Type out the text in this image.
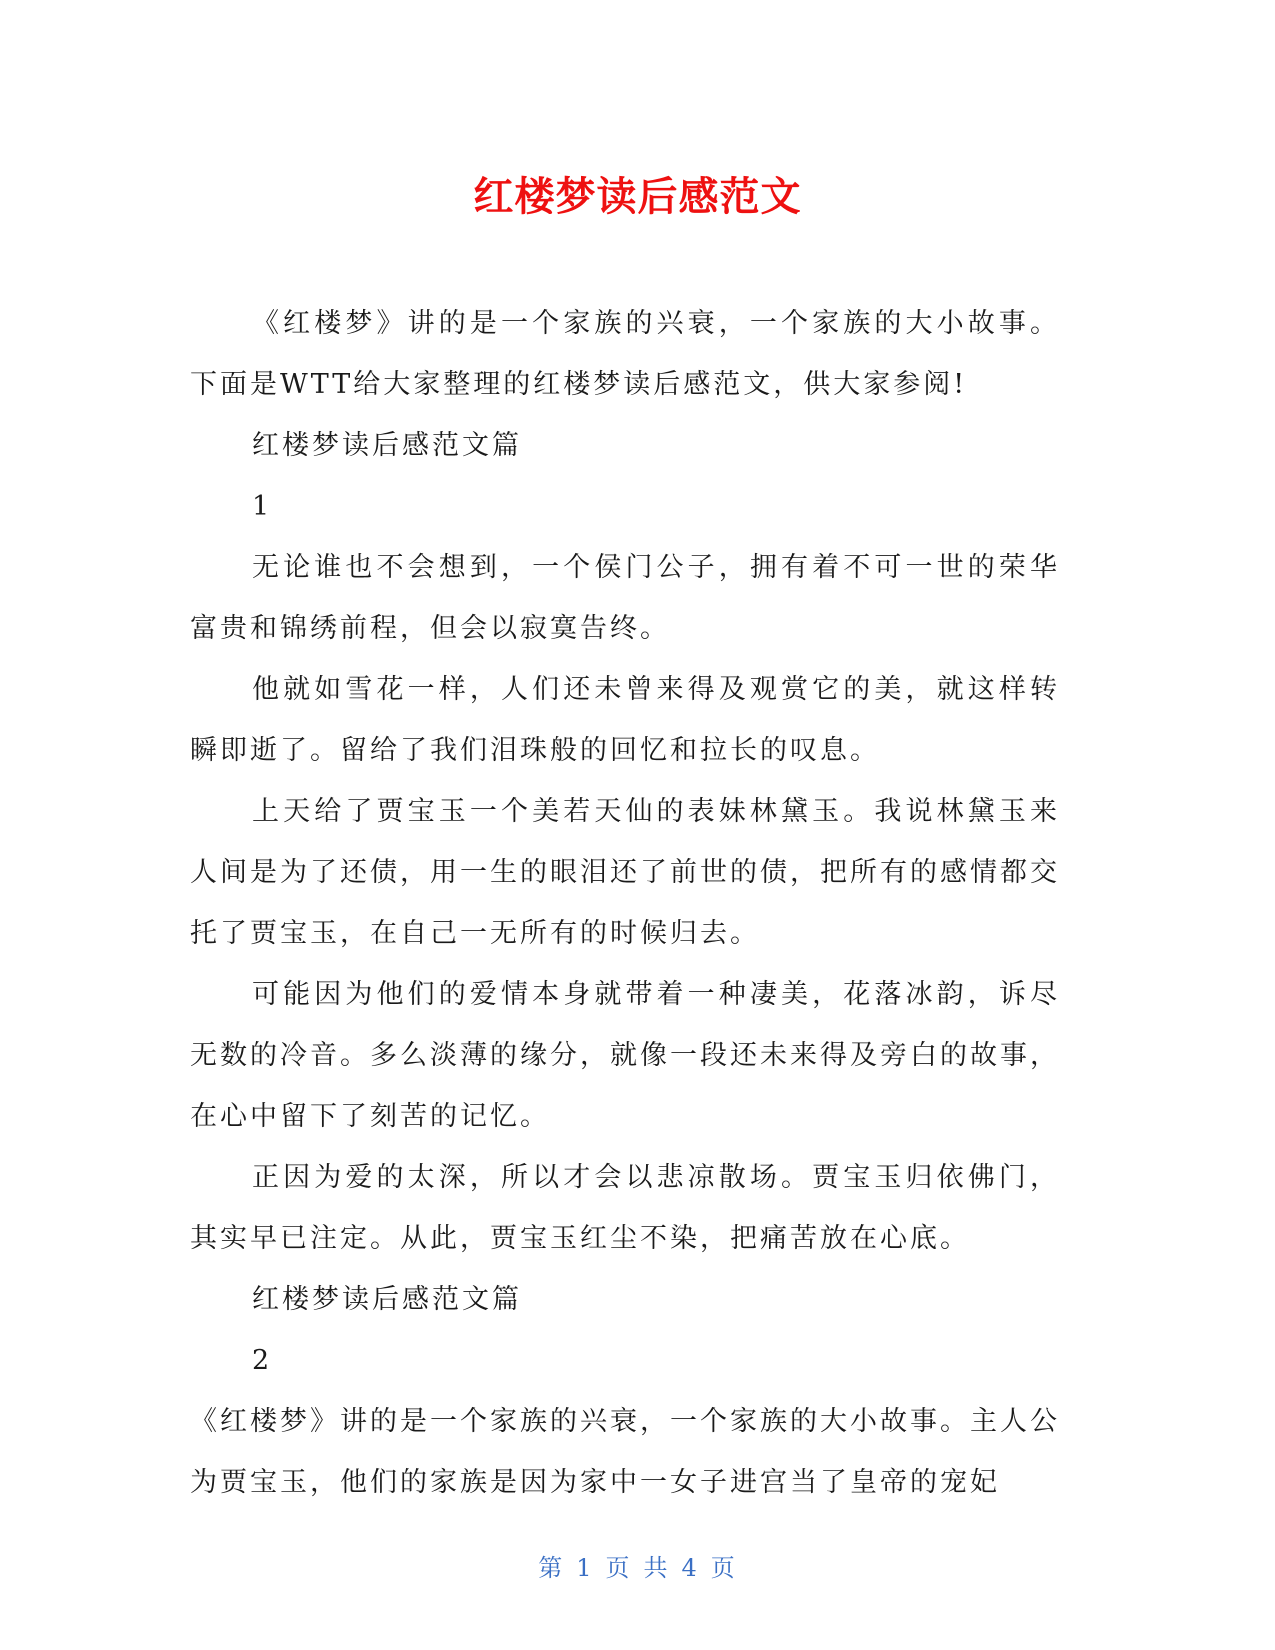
红楼梦读后感范文

《红楼梦》讲的是一个家族的兴衰，一个家族的大小故事。下面是WTT给大家整理的红楼梦读后感范文，供大家参阅!

红楼梦读后感范文篇

1

无论谁也不会想到，一个侯门公子，拥有着不可一世的荣华富贵和锦绣前程，但会以寂寞告终。

他就如雪花一样，人们还未曾来得及观赏它的美，就这样转瞬即逝了。留给了我们泪珠般的回忆和拉长的叹息。

上天给了贾宝玉一个美若天仙的表妹林黛玉。我说林黛玉来人间是为了还债，用一生的眼泪还了前世的债，把所有的感情都交托了贾宝玉，在自己一无所有的时候归去。

可能因为他们的爱情本身就带着一种凄美，花落冰韵，诉尽无数的冷音。多么淡薄的缘分，就像一段还未来得及旁白的故事，在心中留下了刻苦的记忆。

正因为爱的太深，所以才会以悲凉散场。贾宝玉归依佛门，其实早已注定。从此，贾宝玉红尘不染，把痛苦放在心底。

红楼梦读后感范文篇

2

《红楼梦》讲的是一个家族的兴衰，一个家族的大小故事。主人公为贾宝玉，他们的家族是因为家中一女子进宫当了皇帝的宠妃

第 1 页 共 4 页
